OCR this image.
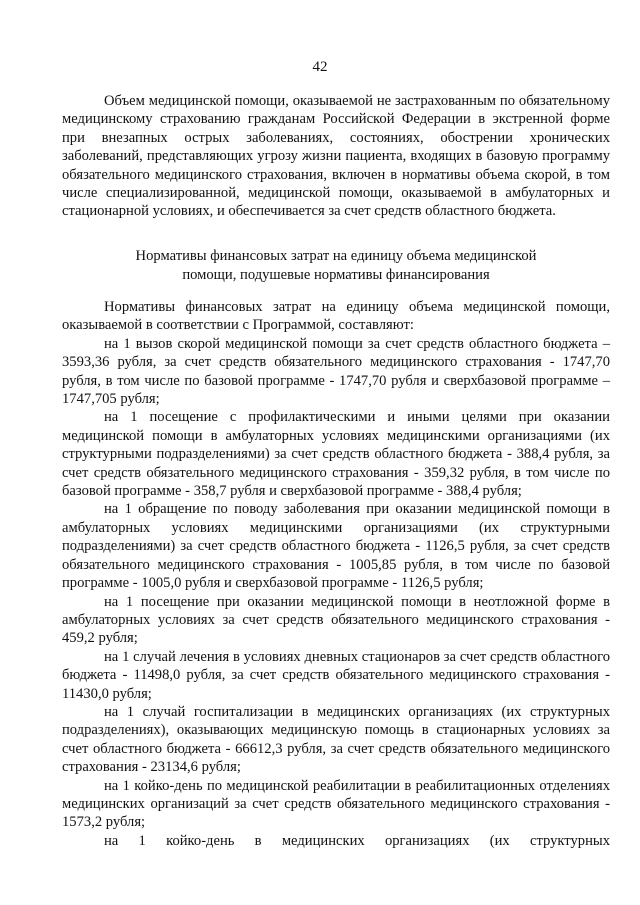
42

Объем медицинской помощи, оказываемой не застрахованным по обязательному медицинскому страхованию гражданам Российской Федерации в экстренной форме при внезапных острых заболеваниях, состояниях, обострении хронических заболеваний, представляющих угрозу жизни пациента, входящих в базовую программу обязательного медицинского страхования, включен в нормативы объема скорой, в том числе специализированной, медицинской помощи, оказываемой в амбулаторных и стационарной условиях, и обеспечивается за счет средств областного бюджета.

Нормативы финансовых затрат на единицу объема медицинской
помощи, подушевые нормативы финансирования

Нормативы финансовых затрат на единицу объема медицинской помощи, оказываемой в соответствии с Программой, составляют:

на 1 вызов скорой медицинской помощи за счет средств областного бюджета – 3593,36 рубля, за счет средств обязательного медицинского страхования - 1747,70 рубля, в том числе по базовой программе - 1747,70 рубля и сверхбазовой программе – 1747,705 рубля;

на 1 посещение с профилактическими и иными целями при оказании медицинской помощи в амбулаторных условиях медицинскими организациями (их структурными подразделениями) за счет средств областного бюджета - 388,4 рубля, за счет средств обязательного медицинского страхования - 359,32 рубля, в том числе по базовой программе - 358,7 рубля и сверхбазовой программе - 388,4 рубля;

на 1 обращение по поводу заболевания при оказании медицинской помощи в амбулаторных условиях медицинскими организациями (их структурными подразделениями) за счет средств областного бюджета - 1126,5 рубля, за счет средств обязательного медицинского страхования - 1005,85 рубля, в том числе по базовой программе - 1005,0 рубля и сверхбазовой программе - 1126,5 рубля;

на 1 посещение при оказании медицинской помощи в неотложной форме в амбулаторных условиях за счет средств обязательного медицинского страхования - 459,2 рубля;

на 1 случай лечения в условиях дневных стационаров за счет средств областного бюджета - 11498,0 рубля, за счет средств обязательного медицинского страхования - 11430,0 рубля;

на 1 случай госпитализации в медицинских организациях (их структурных подразделениях), оказывающих медицинскую помощь в стационарных условиях за счет областного бюджета - 66612,3 рубля, за счет средств обязательного медицинского страхования - 23134,6 рубля;

на 1 койко-день по медицинской реабилитации в реабилитационных отделениях медицинских организаций за счет средств обязательного медицинского страхования - 1573,2 рубля;

на 1 койко-день в медицинских организациях (их структурных
